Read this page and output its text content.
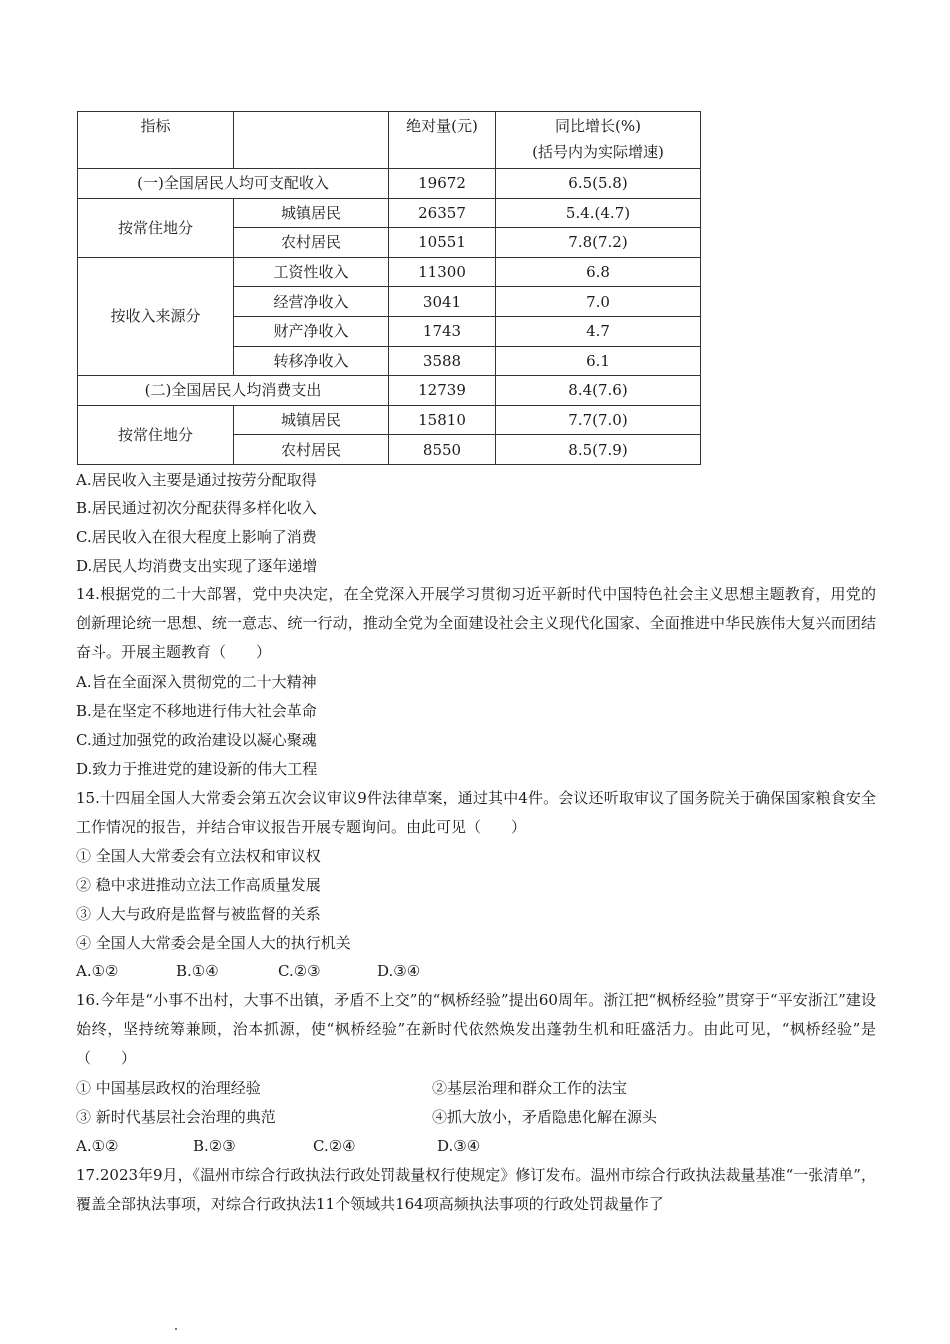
指标		绝对量(元)	同比增长(%)
(括号内为实际增速)

(一)全国居民人均可支配收入		19672	6.5(5.8)
按常住地分	城镇居民	26357	5.4.(4.7)
	农村居民	10551	7.8(7.2)
按收入来源分	工资性收入	11300	6.8
	经营净收入	3041	7.0
	财产净收入	1743	4.7
	转移净收入	3588	6.1
(二)全国居民人均消费支出		12739	8.4(7.6)
按常住地分	城镇居民	15810	7.7(7.0)
	农村居民	8550	8.5(7.9)
A.居民收入主要是通过按劳分配取得
B.居民通过初次分配获得多样化收入
C.居民收入在很大程度上影响了消费
D.居民人均消费支出实现了逐年递增
14.根据党的二十大部署，党中央决定，在全党深入开展学习贯彻习近平新时代中国特色社会主义思想主题教育，用党的创新理论统一思想、统一意志、统一行动，推动全党为全面建设社会主义现代化国家、全面推进中华民族伟大复兴而团结奋斗。开展主题教育（　　）
A.旨在全面深入贯彻党的二十大精神
B.是在坚定不移地进行伟大社会革命
C.通过加强党的政治建设以凝心聚魂
D.致力于推进党的建设新的伟大工程
15.十四届全国人大常委会第五次会议审议9件法律草案，通过其中4件。会议还听取审议了国务院关于确保国家粮食安全工作情况的报告，并结合审议报告开展专题询问。由此可见（　　）
① 全国人大常委会有立法权和审议权
② 稳中求进推动立法工作高质量发展
③ 人大与政府是监督与被监督的关系
④ 全国人大常委会是全国人大的执行机关
A.①②	B.①④	C.②③	D.③④
16.今年是“小事不出村，大事不出镇，矛盾不上交”的“枫桥经验”提出60周年。浙江把“枫桥经验”贯穿于“平安浙江”建设始终，坚持统筹兼顾，治本抓源，使“枫桥经验”在新时代依然焕发出蓬勃生机和旺盛活力。由此可见，“枫桥经验”是（　　）
① 中国基层政权的治理经验	②基层治理和群众工作的法宝
③ 新时代基层社会治理的典范	④抓大放小，矛盾隐患化解在源头
A.①②	B.②③	C.②④	D.③④
17.2023年9月，《温州市综合行政执法行政处罚裁量权行使规定》修订发布。温州市综合行政执法裁量基准“一张清单”，覆盖全部执法事项，对综合行政执法11个领域共164项高频执法事项的行政处罚裁量作了
